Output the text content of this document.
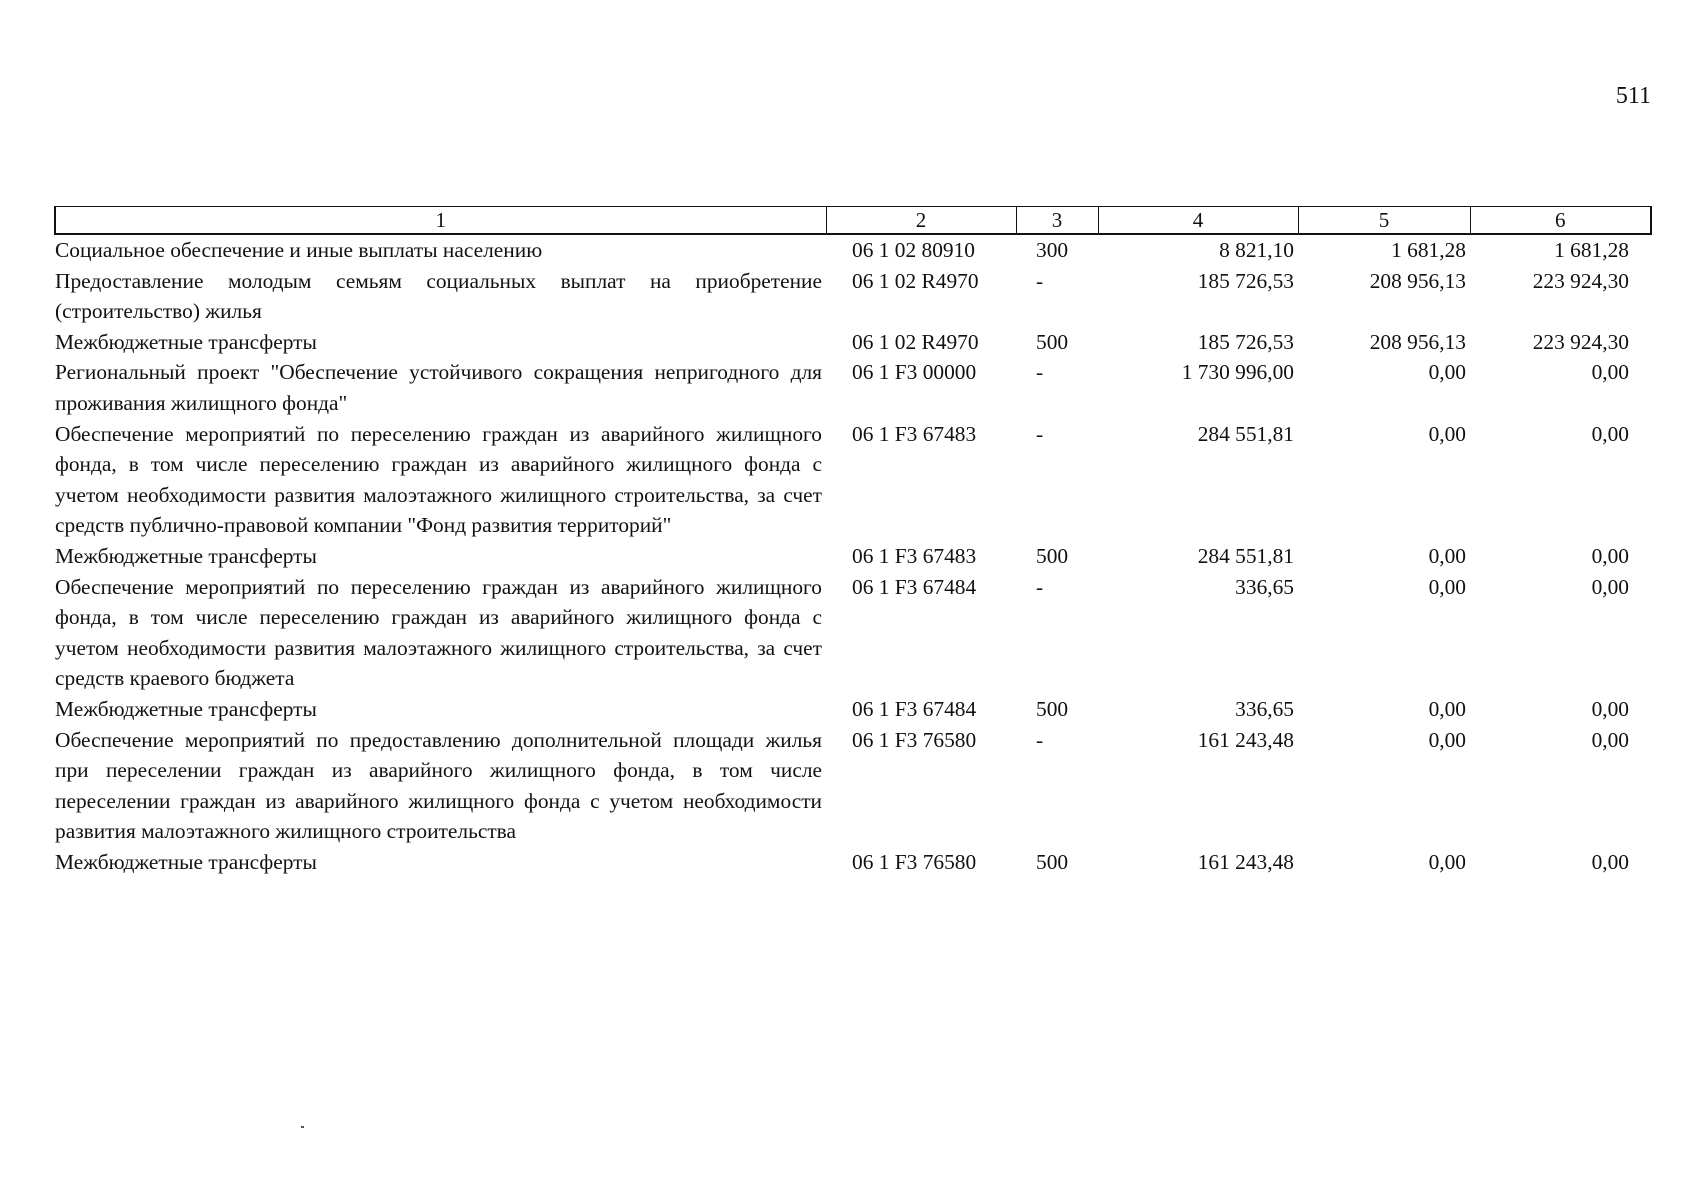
511
1	2	3	4	5	6
Социальное обеспечение и иные выплаты населению	06 1 02 80910	300	8 821,10	1 681,28	1 681,28
Предоставление молодым семьям социальных выплат на приобретение (строительство) жилья	06 1 02 R4970	-	185 726,53	208 956,13	223 924,30
Межбюджетные трансферты	06 1 02 R4970	500	185 726,53	208 956,13	223 924,30
Региональный проект "Обеспечение устойчивого сокращения непригодного для проживания жилищного фонда"	06 1 F3 00000	-	1 730 996,00	0,00	0,00
Обеспечение мероприятий по переселению граждан из аварийного жилищного фонда, в том числе переселению граждан из аварийного жилищного фонда с учетом необходимости развития малоэтажного жилищного строительства, за счет средств публично-правовой компании "Фонд развития территорий"	06 1 F3 67483	-	284 551,81	0,00	0,00
Межбюджетные трансферты	06 1 F3 67483	500	284 551,81	0,00	0,00
Обеспечение мероприятий по переселению граждан из аварийного жилищного фонда, в том числе переселению граждан из аварийного жилищного фонда с учетом необходимости развития малоэтажного жилищного строительства, за счет средств краевого бюджета	06 1 F3 67484	-	336,65	0,00	0,00
Межбюджетные трансферты	06 1 F3 67484	500	336,65	0,00	0,00
Обеспечение мероприятий по предоставлению дополнительной площади жилья при переселении граждан из аварийного жилищного фонда, в том числе переселении граждан из аварийного жилищного фонда с учетом необходимости развития малоэтажного жилищного строительства	06 1 F3 76580	-	161 243,48	0,00	0,00
Межбюджетные трансферты	06 1 F3 76580	500	161 243,48	0,00	0,00
